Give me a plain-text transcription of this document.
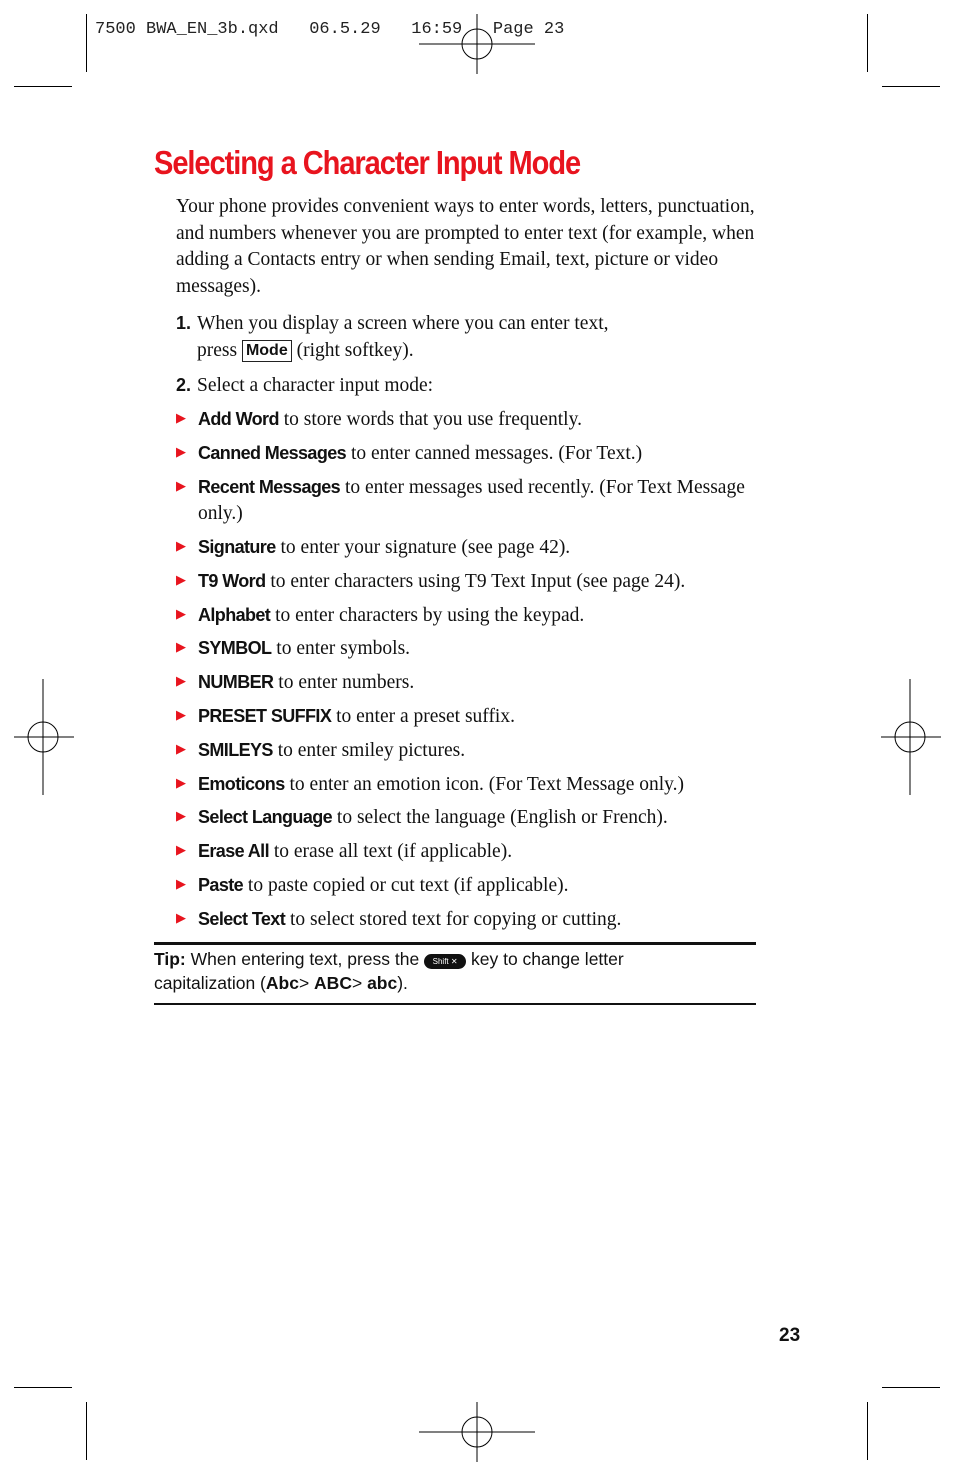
7500 BWA_EN_3b.qxd   06.5.29   16:59   Page 23
Selecting a Character Input Mode

Your phone provides convenient ways to enter words, letters, punctuation, and numbers whenever you are prompted to enter text (for example, when adding a Contacts entry or when sending Email, text, picture or video messages).

1. When you display a screen where you can enter text,

press Mode (right softkey).
2. Select a character input mode:
▶ Add Word to store words that you use frequently.
▶ Canned Messages to enter canned messages. (For Text.)
▶ Recent Messages to enter messages used recently. (For Text Message only.)
▶ Signature to enter your signature (see page 42).
▶ T9 Word to enter characters using T9 Text Input (see page 24).
▶ Alphabet to enter characters by using the keypad.
▶ SYMBOL to enter symbols.
▶ NUMBER to enter numbers.
▶ PRESET SUFFIX to enter a preset suffix.
▶ SMILEYS to enter smiley pictures.
▶ Emoticons to enter an emotion icon. (For Text Message only.)
▶ Select Language to select the language (English or French).
▶ Erase All to erase all text (if applicable).
▶ Paste to paste copied or cut text (if applicable).
▶ Select Text to select stored text for copying or cutting.
Tip: When entering text, press the Shift ✕ key to change letter capitalization (Abc> ABC> abc).
23
